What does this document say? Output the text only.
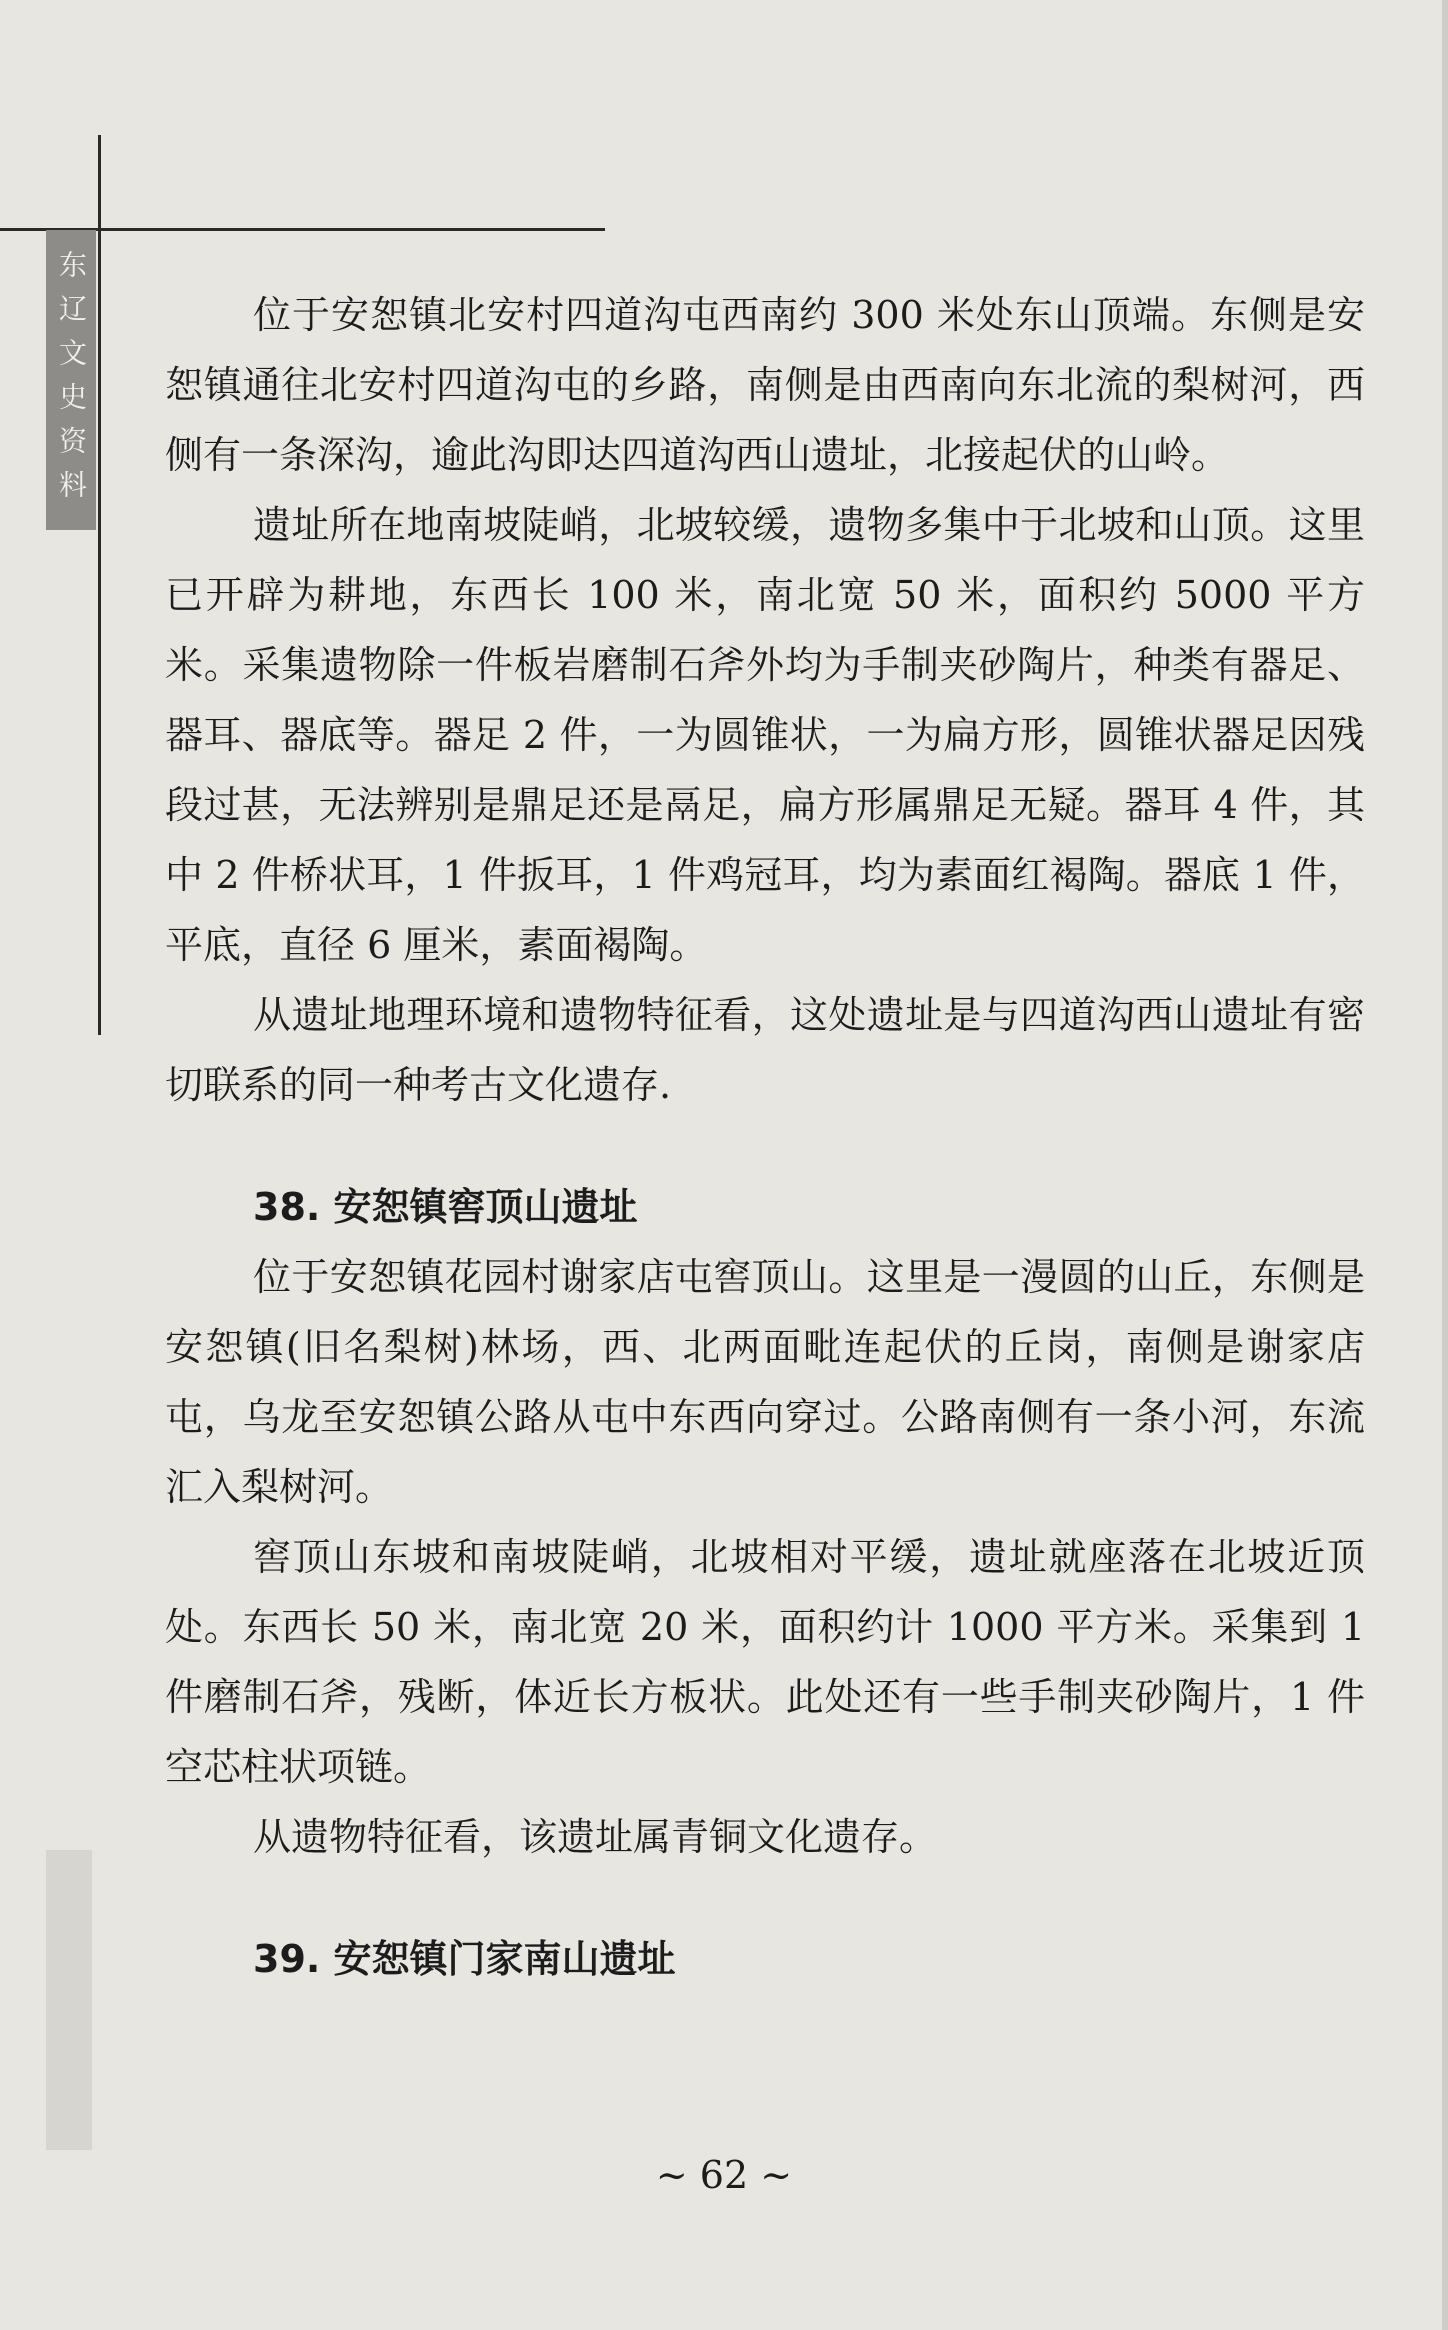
东辽文史资料	位于安恕镇北安村四道沟屯西南约 300 米处东山顶端。东侧是安恕镇通往北安村四道沟屯的乡路，南侧是由西南向东北流的梨树河，西侧有一条深沟，逾此沟即达四道沟西山遗址，北接起伏的山岭。

遗址所在地南坡陡峭，北坡较缓，遗物多集中于北坡和山顶。这里已开辟为耕地，东西长 100 米，南北宽 50 米，面积约 5000 平方米。采集遗物除一件板岩磨制石斧外均为手制夹砂陶片，种类有器足、器耳、器底等。器足 2 件，一为圆锥状，一为扁方形，圆锥状器足因残段过甚，无法辨别是鼎足还是鬲足，扁方形属鼎足无疑。器耳 4 件，其中 2 件桥状耳，1 件扳耳，1 件鸡冠耳，均为素面红褐陶。器底 1 件，平底，直径 6 厘米，素面褐陶。

从遗址地理环境和遗物特征看，这处遗址是与四道沟西山遗址有密切联系的同一种考古文化遗存.

38. 安恕镇窖顶山遗址

位于安恕镇花园村谢家店屯窖顶山。这里是一漫圆的山丘，东侧是安恕镇(旧名梨树)林场，西、北两面毗连起伏的丘岗，南侧是谢家店屯，乌龙至安恕镇公路从屯中东西向穿过。公路南侧有一条小河，东流汇入梨树河。

窖顶山东坡和南坡陡峭，北坡相对平缓，遗址就座落在北坡近顶处。东西长 50 米，南北宽 20 米，面积约计 1000 平方米。采集到 1 件磨制石斧，残断，体近长方板状。此处还有一些手制夹砂陶片，1 件空芯柱状项链。

从遗物特征看，该遗址属青铜文化遗存。

39. 安恕镇门家南山遗址
~ 62 ~
